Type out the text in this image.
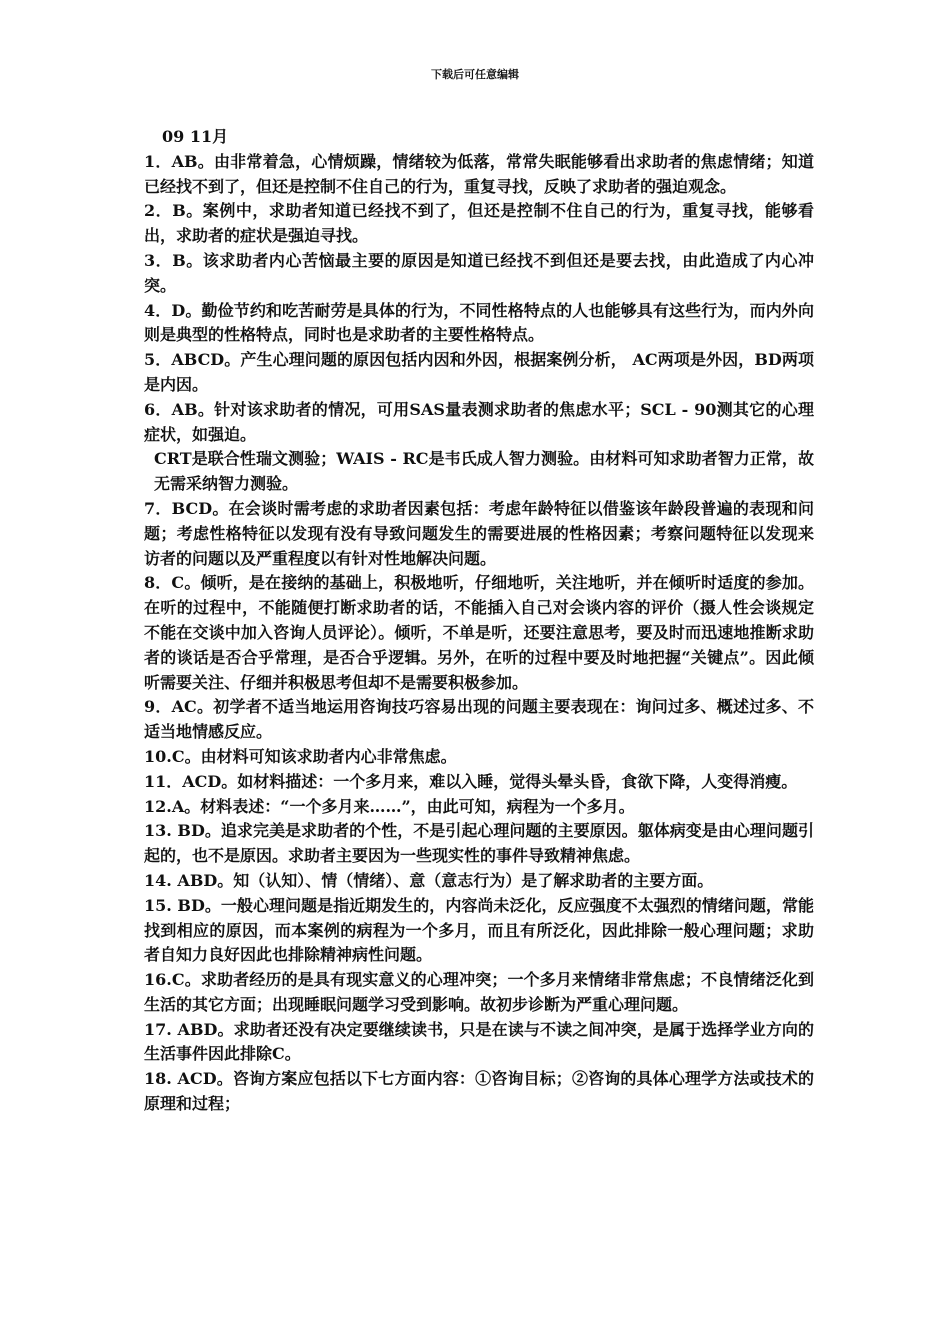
下载后可任意编辑
09 11月

1．AB。由非常着急，心情烦躁，情绪较为低落，常常失眠能够看出求助者的焦虑情绪；知道已经找不到了，但还是控制不住自己的行为，重复寻找，反映了求助者的强迫观念。

2．B。案例中，求助者知道已经找不到了，但还是控制不住自己的行为，重复寻找，能够看出，求助者的症状是强迫寻找。

3．B。该求助者内心苦恼最主要的原因是知道已经找不到但还是要去找，由此造成了内心冲突。

4．D。勤俭节约和吃苦耐劳是具体的行为，不同性格特点的人也能够具有这些行为，而内外向则是典型的性格特点，同时也是求助者的主要性格特点。

5．ABCD。产生心理问题的原因包括内因和外因，根据案例分析， AC两项是外因，BD两项是内因。

6．AB。针对该求助者的情况，可用SAS量表测求助者的焦虑水平；SCL - 90测其它的心理症状，如强迫。

CRT是联合性瑞文测验；WAIS - RC是韦氏成人智力测验。由材料可知求助者智力正常，故无需采纳智力测验。

7．BCD。在会谈时需考虑的求助者因素包括：考虑年龄特征以借鉴该年龄段普遍的表现和问题；考虑性格特征以发现有没有导致问题发生的需要进展的性格因素；考察问题特征以发现来访者的问题以及严重程度以有针对性地解决问题。

8．C。倾听，是在接纳的基础上，积极地听，仔细地听，关注地听，并在倾听时适度的参加。在听的过程中，不能随便打断求助者的话，不能插入自己对会谈内容的评价（摄人性会谈规定不能在交谈中加入咨询人员评论）。倾听，不单是听，还要注意思考，要及时而迅速地推断求助者的谈话是否合乎常理，是否合乎逻辑。另外，在听的过程中要及时地把握“关键点”。因此倾听需要关注、仔细并积极思考但却不是需要积极参加。

9．AC。初学者不适当地运用咨询技巧容易出现的问题主要表现在：询问过多、概述过多、不适当地情感反应。

10.C。由材料可知该求助者内心非常焦虑。

11．ACD。如材料描述：一个多月来，难以入睡，觉得头晕头昏，食欲下降，人变得消瘦。

12.A。材料表述：“一个多月来……”，由此可知，病程为一个多月。

13. BD。追求完美是求助者的个性，不是引起心理问题的主要原因。躯体病变是由心理问题引起的，也不是原因。求助者主要因为一些现实性的事件导致精神焦虑。

14. ABD。知（认知）、情（情绪）、意（意志行为）是了解求助者的主要方面。

15. BD。一般心理问题是指近期发生的，内容尚未泛化，反应强度不太强烈的情绪问题，常能找到相应的原因，而本案例的病程为一个多月，而且有所泛化，因此排除一般心理问题；求助者自知力良好因此也排除精神病性问题。

16.C。求助者经历的是具有现实意义的心理冲突；一个多月来情绪非常焦虑；不良情绪泛化到生活的其它方面；出现睡眠问题学习受到影响。故初步诊断为严重心理问题。

17. ABD。求助者还没有决定要继续读书，只是在读与不读之间冲突，是属于选择学业方向的生活事件因此排除C。

18. ACD。咨询方案应包括以下七方面内容：①咨询目标；②咨询的具体心理学方法或技术的原理和过程；
